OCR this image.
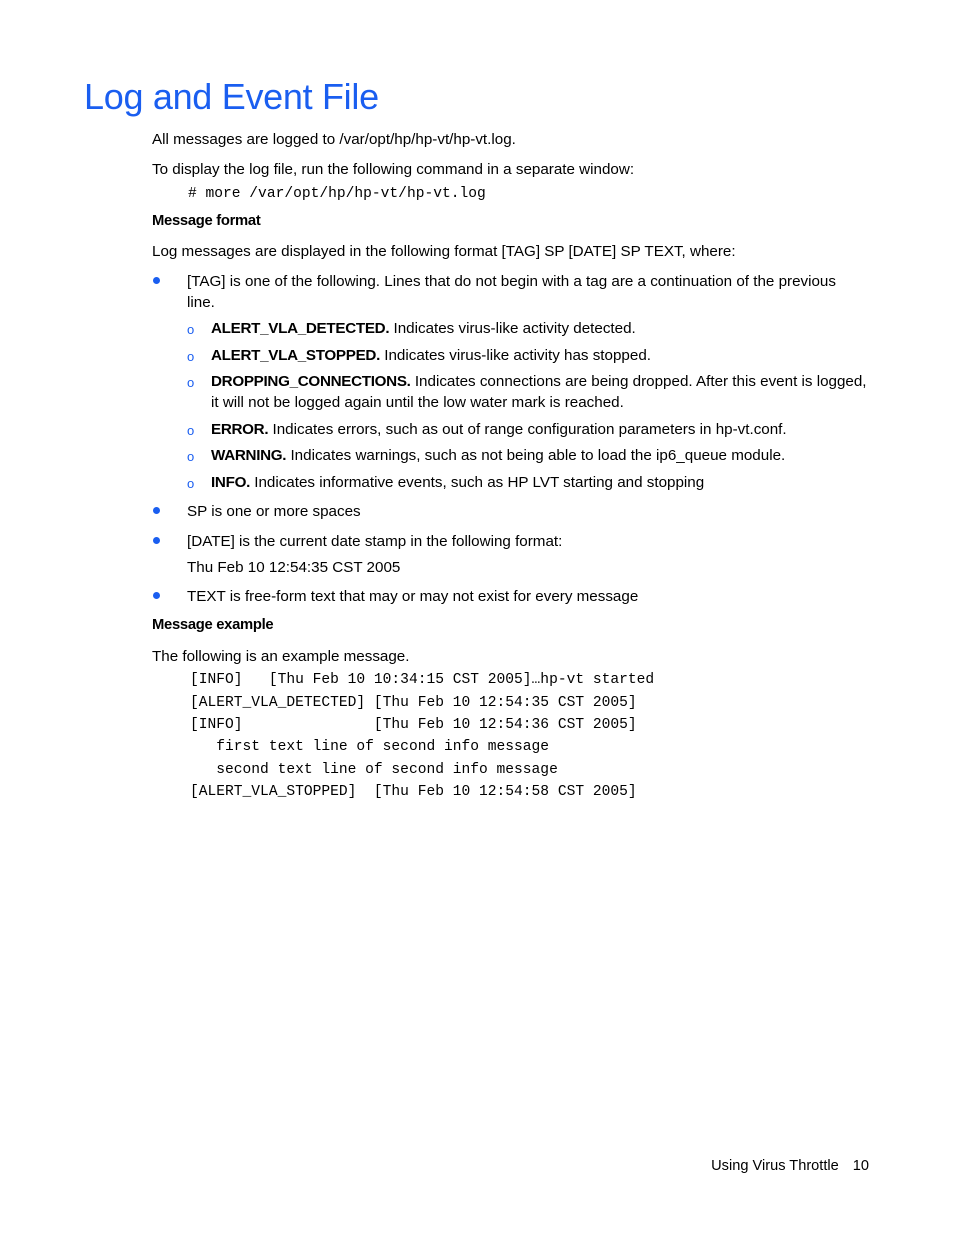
Log and Event File
All messages are logged to /var/opt/hp/hp-vt/hp-vt.log.
To display the log file, run the following command in a separate window:
# more /var/opt/hp/hp-vt/hp-vt.log
Message format
Log messages are displayed in the following format [TAG] SP [DATE] SP TEXT, where:
[TAG] is one of the following. Lines that do not begin with a tag are a continuation of the previous line.
o ALERT_VLA_DETECTED. Indicates virus-like activity detected.
o ALERT_VLA_STOPPED. Indicates virus-like activity has stopped.
o DROPPING_CONNECTIONS. Indicates connections are being dropped. After this event is logged, it will not be logged again until the low water mark is reached.
o ERROR. Indicates errors, such as out of range configuration parameters in hp-vt.conf.
o WARNING. Indicates warnings, such as not being able to load the ip6_queue module.
o INFO. Indicates informative events, such as HP LVT starting and stopping
SP is one or more spaces
[DATE] is the current date stamp in the following format:
Thu Feb 10 12:54:35 CST 2005
TEXT is free-form text that may or may not exist for every message
Message example
The following is an example message.
[INFO]   [Thu Feb 10 10:34:15 CST 2005]…hp-vt started
[ALERT_VLA_DETECTED] [Thu Feb 10 12:54:35 CST 2005]
[INFO]               [Thu Feb 10 12:54:36 CST 2005]
first text line of second info message
second text line of second info message
[ALERT_VLA_STOPPED]  [Thu Feb 10 12:54:58 CST 2005]
Using Virus Throttle 10
